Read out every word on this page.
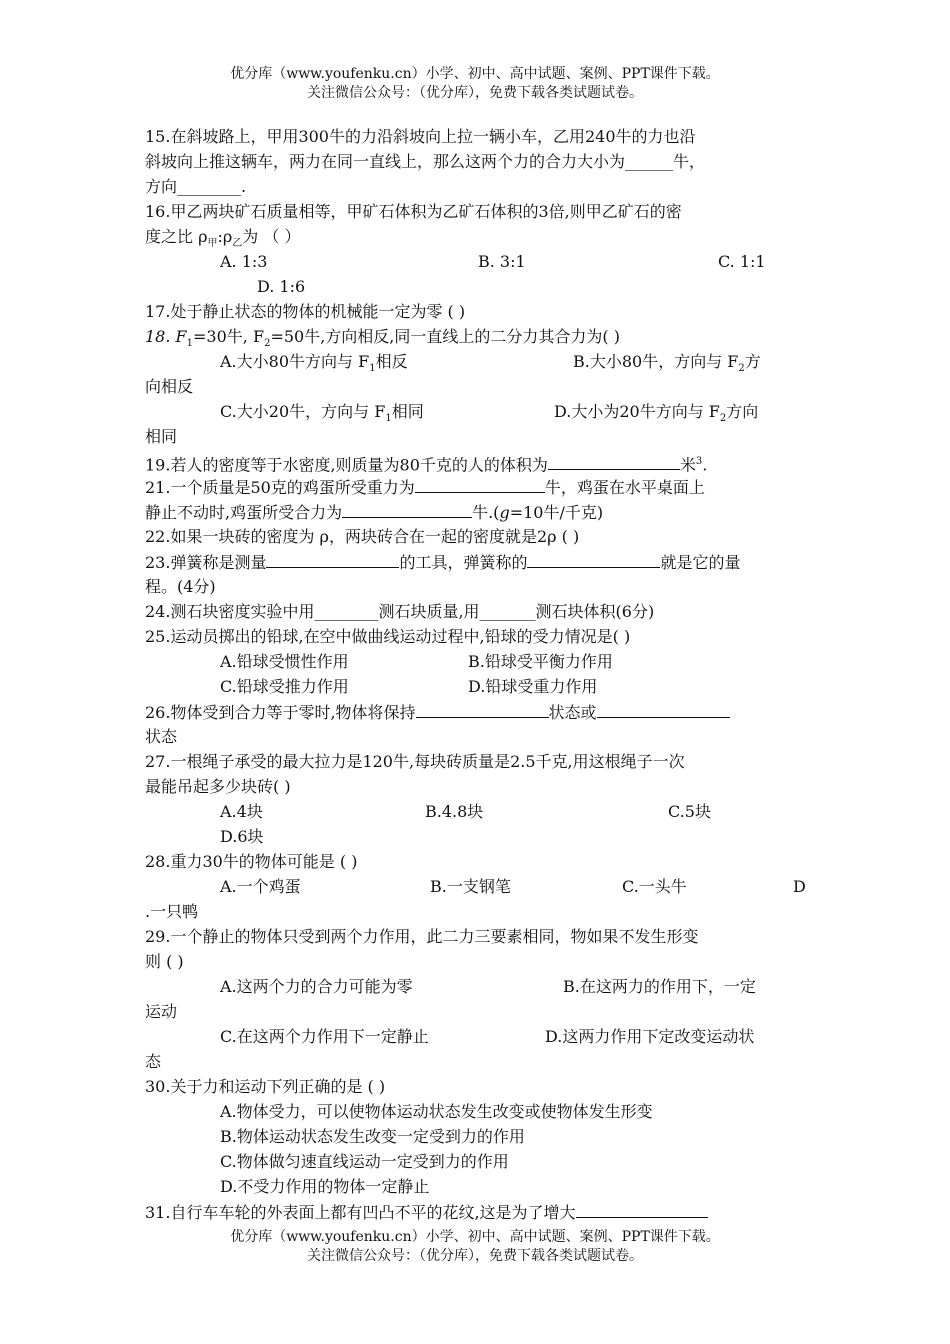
优分库（www.youfenku.cn）小学、初中、高中试题、案例、PPT课件下载。
关注微信公众号：（优分库），免费下载各类试题试卷。
15.在斜坡路上，甲用300牛的力沿斜坡向上拉一辆小车，乙用240牛的力也沿
斜坡向上推这辆车，两力在同一直线上，那么这两个力的合力大小为______牛，
方向________.
16.甲乙两块矿石质量相等，甲矿石体积为乙矿石体积的3倍,则甲乙矿石的密
度之比 $\rho_甲:\rho_乙$为 （ ）
A. 1:3	B. 3:1	C. 1:1
D. 1:6
17.处于静止状态的物体的机械能一定为零 ( )
18. $F_1=30$牛, $F_2=50$牛,方向相反,同一直线上的二分力其合力为( )
A.大小80牛方向与 $F_1$相反	B.大小80牛，方向与 $F_2$方
向相反
C.大小20牛，方向与 $F_1$相同	D.大小为20牛方向与 $F_2$方向
相同
19.若人的密度等于水密度,则质量为80千克的人的体积为	米$^3$.
21.一个质量是50克的鸡蛋所受重力为	牛，鸡蛋在水平桌面上
静止不动时,鸡蛋所受合力为	牛.(g=10牛/千克)
22.如果一块砖的密度为 ρ，两块砖合在一起的密度就是2ρ ( )
23.弹簧称是测量	的工具，弹簧称的	就是它的量
程。(4分)
24.测石块密度实验中用________测石块质量,用_______测石块体积(6分)
25.运动员掷出的铅球,在空中做曲线运动过程中,铅球的受力情况是( )
A.铅球受惯性作用	B.铅球受平衡力作用
C.铅球受推力作用	D.铅球受重力作用
26.物体受到合力等于零时,物体将保持	状态或
状态
27.一根绳子承受的最大拉力是120牛,每块砖质量是2.5千克,用这根绳子一次
最能吊起多少块砖( )
A.4块	B.4.8块	C.5块
D.6块
28.重力30牛的物体可能是 ( )
A.一个鸡蛋	B.一支钢笔	C.一头牛	D
.一只鸭
29.一个静止的物体只受到两个力作用，此二力三要素相同，物如果不发生形变
则 ( )
A.这两个力的合力可能为零	B.在这两力的作用下，一定
运动
C.在这两个力作用下一定静止	D.这两力作用下定改变运动状
态
30.关于力和运动下列正确的是 ( )
A.物体受力，可以使物体运动状态发生改变或使物体发生形变
B.物体运动状态发生改变一定受到力的作用
C.物体做匀速直线运动一定受到力的作用
D.不受力作用的物体一定静止
31.自行车车轮的外表面上都有凹凸不平的花纹,这是为了增大
优分库（www.youfenku.cn）小学、初中、高中试题、案例、PPT课件下载。
关注微信公众号：（优分库），免费下载各类试题试卷。
